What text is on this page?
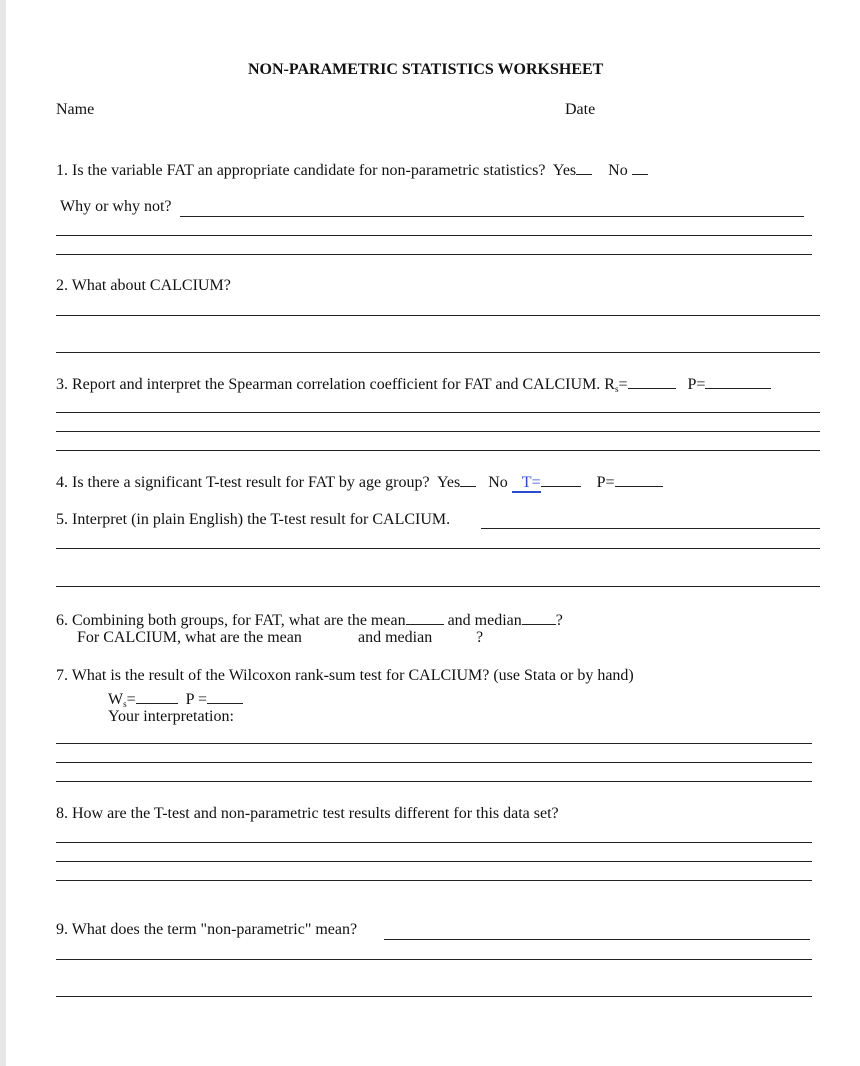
NON-PARAMETRIC STATISTICS WORKSHEET
Name	Date
1. Is the variable FAT an appropriate candidate for non-parametric statistics? Yes No
Why or why not?
2. What about CALCIUM?
3. Report and interpret the Spearman correlation coefficient for FAT and CALCIUM. $R_s=$	P=
4. Is there a significant T-test result for FAT by age group? Yes No T=	P=
5. Interpret (in plain English) the T-test result for CALCIUM.
6. Combining both groups, for FAT, what are the mean	and median ?
For CALCIUM, what are the mean	and median	?
7. What is the result of the Wilcoxon rank-sum test for CALCIUM? (use Stata or by hand)
$W_s=$	P =
Your interpretation:
8. How are the T-test and non-parametric test results different for this data set?
9. What does the term "non-parametric" mean?
